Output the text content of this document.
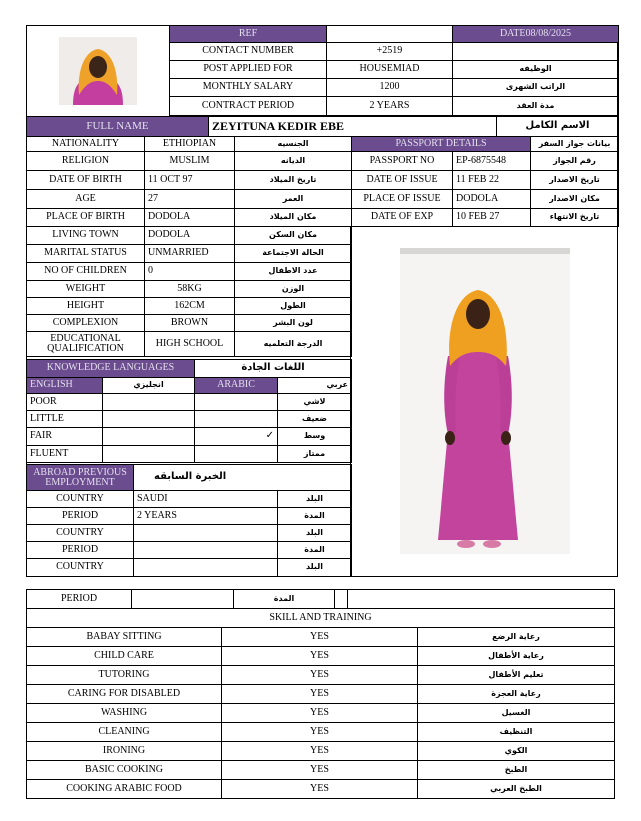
REF		DATE08/08/2025
CONTACT NUMBER	+2519	
POST APPLIED FOR	HOUSEMIAD	الوظيفه
MONTHLY SALARY	1200	الراتب الشهرى
CONTRACT PERIOD	2 YEARS	مدة العقد
FULL NAME	ZEYITUNA KEDIR EBE	الاسم الكامل
NATIONALITY	ETHIOPIAN	الجنسيه
RELIGION	MUSLIM	الديانه
DATE OF BIRTH	11 OCT 97	تاريخ الميلاد
AGE	27	العمر
PLACE OF BIRTH	DODOLA	مكان الميلاد
LIVING TOWN	DODOLA	مكان السكن
MARITAL STATUS	UNMARRIED	الحالة الاجتماعة
NO OF CHILDREN	0	عدد الاطفال
WEIGHT	58KG	الوزن
HEIGHT	162CM	الطول
COMPLEXION	BROWN	لون البشر
EDUCATIONAL QUALIFICATION	HIGH SCHOOL	الدرجة التعلميه
PASSPORT DETAILS		بيانات جواز السفر
PASSPORT NO	EP-6875548	رقم الجواز
DATE OF ISSUE	11 FEB 22	تاريخ الاصدار
PLACE OF ISSUE	DODOLA	مكان الاصدار
DATE OF EXP	10 FEB 27	تاريخ الانتهاء
KNOWLEDGE LANGUAGES		اللغات الجادة	
ENGLISH	انجليزي	ARABIC	عربي
POOR			لاشي
LITTLE			ضعيف
FAIR		✓	وسط
FLUENT			ممتاز
ABROAD PREVIOUS EMPLOYMENT	الخبرة السابقه	
COUNTRY	SAUDI	البلد
PERIOD	2 YEARS	المدة
COUNTRY		البلد
PERIOD		المدة
COUNTRY		البلد
PERIOD		المدة		
SKILL AND TRAINING		
BABAY SITTING	YES	رعاية الرضع
CHILD CARE	YES	رعاية الأطفال
TUTORING	YES	تعليم الأطفال
CARING FOR DISABLED	YES	رعاية العجزة
WASHING	YES	الغسيل
CLEANING	YES	التنظيف
IRONING	YES	الكوي
BASIC COOKING	YES	الطبخ
COOKING ARABIC FOOD	YES	الطبخ العربي
